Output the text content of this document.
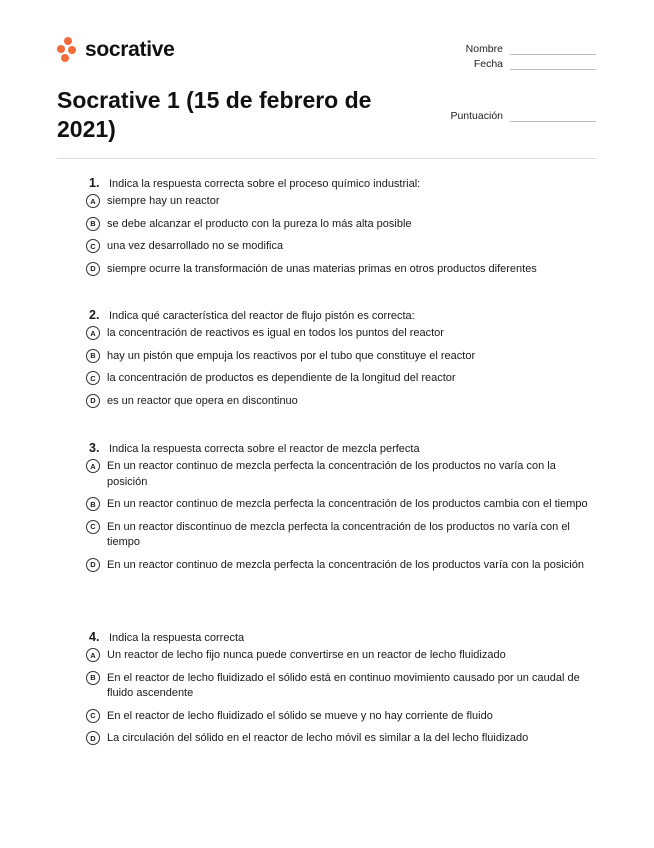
socrative	Nombre
Fecha
Socrative 1 (15 de febrero de 2021)	Puntuación
1. Indica la respuesta correcta sobre el proceso químico industrial:
A	siempre hay un reactor
B	se debe alcanzar el producto con la pureza lo más alta posible
C	una vez desarrollado no se modifica
D	siempre ocurre la transformación de unas materias primas en otros productos diferentes
2. Indica qué característica del reactor de flujo pistón es correcta:
A	la concentración de reactivos es igual en todos los puntos del reactor
B	hay un pistón que empuja los reactivos por el tubo que constituye el reactor
C	la concentración de productos es dependiente de la longitud del reactor
D	es un reactor que opera en discontinuo
3. Indica la respuesta correcta sobre el reactor de mezcla perfecta
A	En un reactor continuo de mezcla perfecta la concentración de los productos no varía con la posición
B	En un reactor continuo de mezcla perfecta la concentración de los productos cambia con el tiempo
C	En un reactor discontinuo de mezcla perfecta la concentración de los productos no varía con el tiempo
D	En un reactor continuo de mezcla perfecta la concentración de los productos varía con la posición
4. Indica la respuesta correcta
A	Un reactor de lecho fijo nunca puede convertirse en un reactor de lecho fluidizado
B	En el reactor de lecho fluidizado el sólido está en continuo movimiento causado por un caudal de fluido ascendente
C	En el reactor de lecho fluidizado el sólido se mueve y no hay corriente de fluido
D	La circulación del sólido en el reactor de lecho móvil es similar a la del lecho fluidizado
